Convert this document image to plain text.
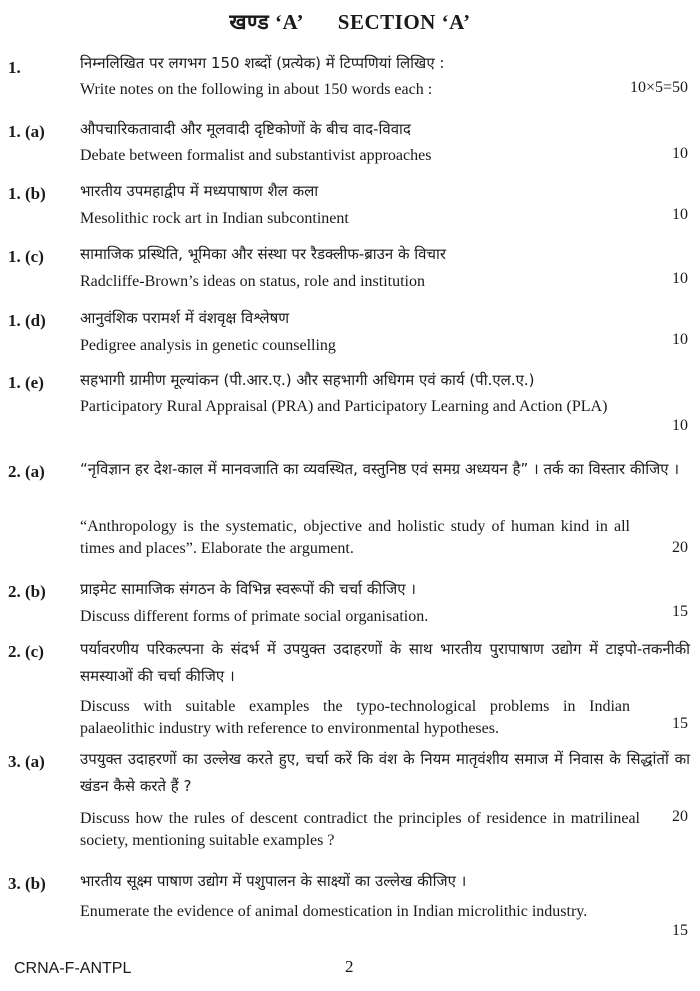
खण्ड ‘A’ SECTION ‘A’
1.	निम्नलिखित पर लगभग 150 शब्दों (प्रत्येक) में टिप्पणियां लिखिए :
Write notes on the following in about 150 words each :	10×5=50
1. (a) औपचारिकतावादी और मूलवादी दृष्टिकोणों के बीच वाद-विवाद
Debate between formalist and substantivist approaches	10
1. (b) भारतीय उपमहाद्वीप में मध्यपाषाण शैल कला
Mesolithic rock art in Indian subcontinent	10
1. (c) सामाजिक प्रस्थिति, भूमिका और संस्था पर रैडक्लीफ-ब्राउन के विचार
Radcliffe-Brown’s ideas on status, role and institution	10
1. (d) आनुवंशिक परामर्श में वंशवृक्ष विश्लेषण
Pedigree analysis in genetic counselling	10
1. (e) सहभागी ग्रामीण मूल्यांकन (पी.आर.ए.) और सहभागी अधिगम एवं कार्य (पी.एल.ए.)
Participatory Rural Appraisal (PRA) and Participatory Learning and Action (PLA)
10
2. (a) “नृविज्ञान हर देश-काल में मानवजाति का व्यवस्थित, वस्तुनिष्ठ एवं समग्र अध्ययन है” । तर्क का विस्तार कीजिए ।
“Anthropology is the systematic, objective and holistic study of human kind in all times and places”. Elaborate the argument.	20
2. (b) प्राइमेट सामाजिक संगठन के विभिन्न स्वरूपों की चर्चा कीजिए ।
Discuss different forms of primate social organisation.	15
2. (c) पर्यावरणीय परिकल्पना के संदर्भ में उपयुक्त उदाहरणों के साथ भारतीय पुरापाषाण उद्योग में टाइपो-तकनीकी समस्याओं की चर्चा कीजिए ।
Discuss with suitable examples the typo-technological problems in Indian palaeolithic industry with reference to environmental hypotheses.	15
3. (a) उपयुक्त उदाहरणों का उल्लेख करते हुए, चर्चा करें कि वंश के नियम मातृवंशीय समाज में निवास के सिद्धांतों का खंडन कैसे करते हैं ?
Discuss how the rules of descent contradict the principles of residence in matrilineal society, mentioning suitable examples ?
20
3. (b) भारतीय सूक्ष्म पाषाण उद्योग में पशुपालन के साक्ष्यों का उल्लेख कीजिए ।
Enumerate the evidence of animal domestication in Indian microlithic industry.
15
CRNA-F-ANTPL	2
